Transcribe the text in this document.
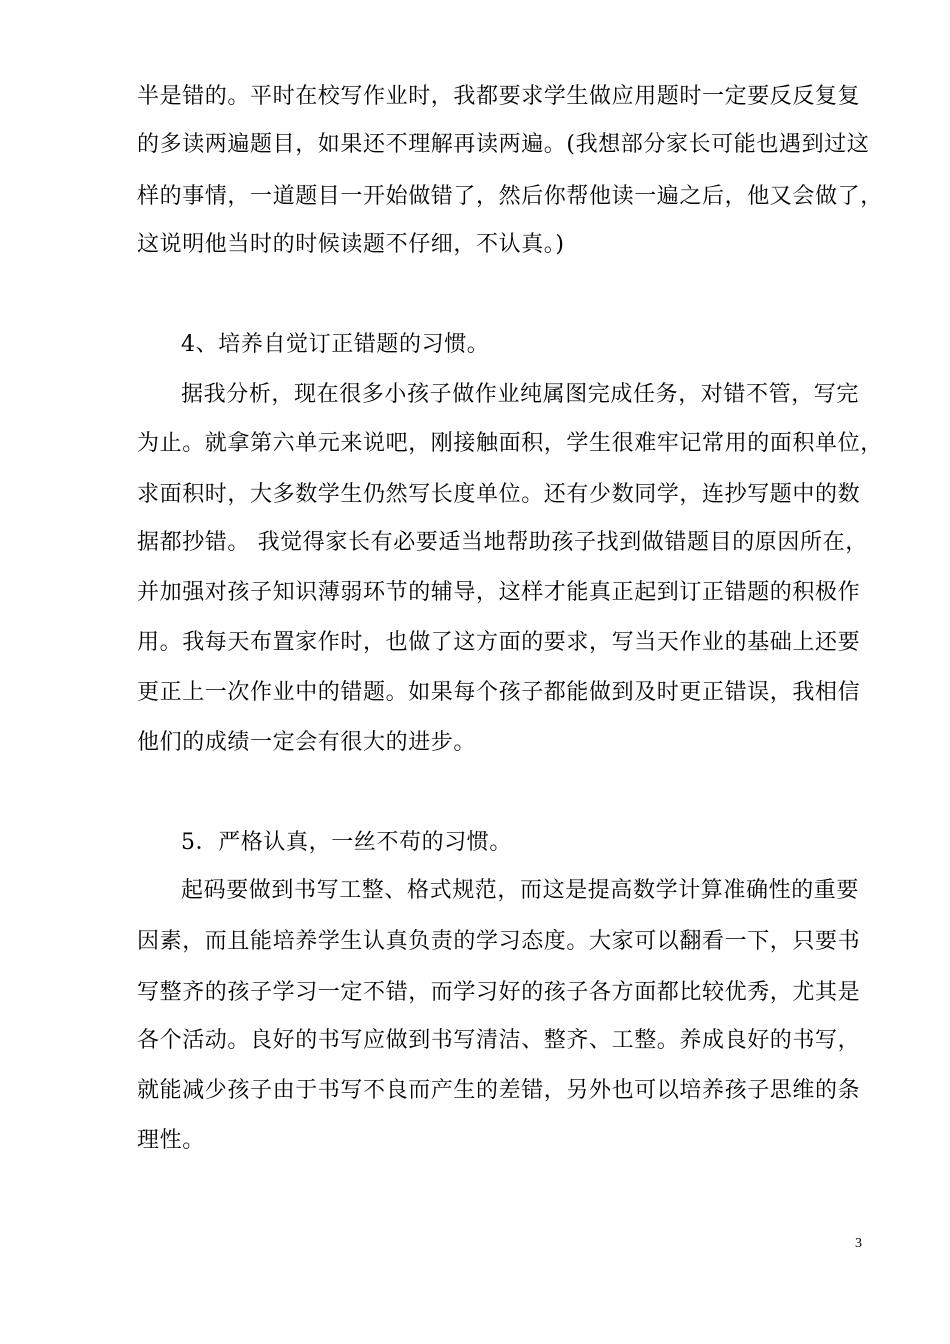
半是错的。平时在校写作业时，我都要求学生做应用题时一定要反反复复
的多读两遍题目，如果还不理解再读两遍。(我想部分家长可能也遇到过这
样的事情，一道题目一开始做错了，然后你帮他读一遍之后，他又会做了，
这说明他当时的时候读题不仔细，不认真。)
4、培养自觉订正错题的习惯。
据我分析，现在很多小孩子做作业纯属图完成任务，对错不管，写完
为止。就拿第六单元来说吧，刚接触面积，学生很难牢记常用的面积单位，
求面积时，大多数学生仍然写长度单位。还有少数同学，连抄写题中的数
据都抄错。 我觉得家长有必要适当地帮助孩子找到做错题目的原因所在，
并加强对孩子知识薄弱环节的辅导，这样才能真正起到订正错题的积极作
用。我每天布置家作时，也做了这方面的要求，写当天作业的基础上还要
更正上一次作业中的错题。如果每个孩子都能做到及时更正错误，我相信
他们的成绩一定会有很大的进步。
5．严格认真，一丝不苟的习惯。
起码要做到书写工整、格式规范，而这是提高数学计算准确性的重要
因素，而且能培养学生认真负责的学习态度。大家可以翻看一下，只要书
写整齐的孩子学习一定不错，而学习好的孩子各方面都比较优秀，尤其是
各个活动。良好的书写应做到书写清洁、整齐、工整。养成良好的书写，
就能减少孩子由于书写不良而产生的差错，另外也可以培养孩子思维的条
理性。
3
